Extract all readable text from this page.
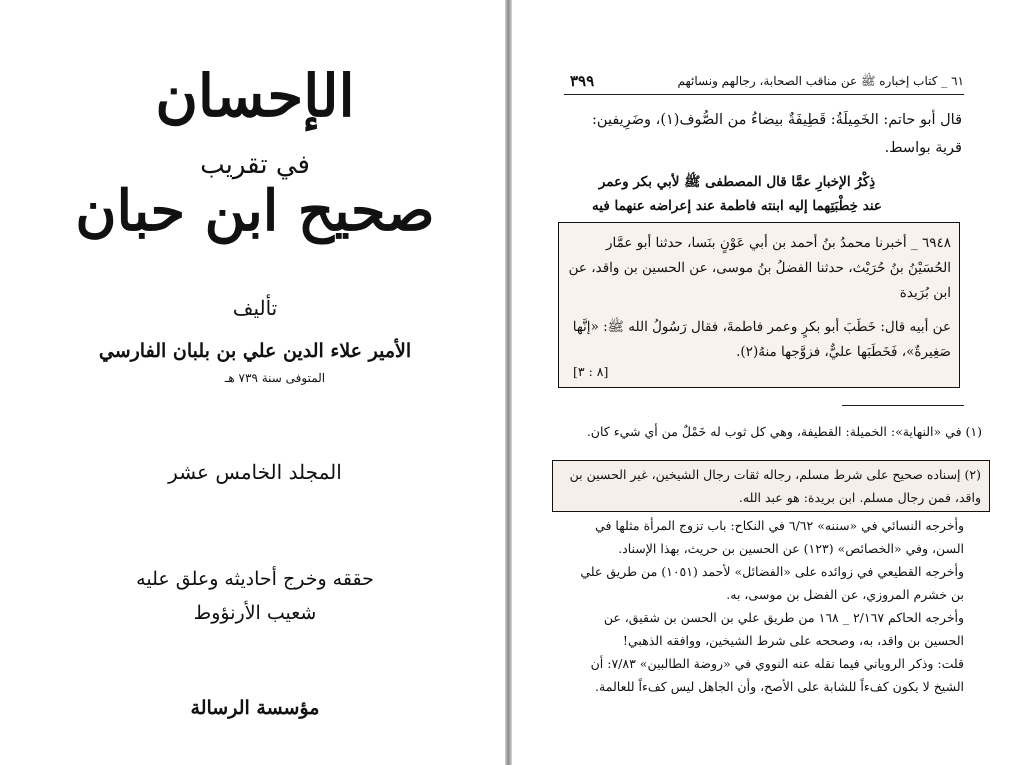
الإحسان
في تقريب
صحيح ابن حبان
تأليف
الأمير علاء الدين علي بن بلبان الفارسي
المتوفى سنة ٧٣٩ هـ
المجلد الخامس عشر
حققه وخرج أحاديثه وعلق عليه
شعيب الأرنؤوط
مؤسسة الرسالة
٦١ _ كتاب إخباره ﷺ عن مناقب الصحابة، رجالهم ونسائهم
٣٩٩
قال أبو حاتم: الخَمِيلَةُ: قَطِيفَةٌ بيضاءُ من الصُّوف(١)، وضَرِيفين: قرية بواسط.
ذِكْرُ الإخبارِ عمَّا قال المصطفى ﷺ لأبي بكر وعمر
عند خِطْبَتِهما إليه ابنته فاطمة عند إعراضه عنهما فيه
٦٩٤٨ _ أخبرنا محمدُ بنُ أحمد بن أبي عَوْنٍ بنَسا، حدثنا أبو عمَّار الحُسَيْنُ بنُ حُرَيْث، حدثنا الفضلُ بنُ موسى، عن الحسين بن واقد، عن ابن بُرَيدة
عن أبيه قال: خَطَبَ أبو بكرٍ وعمر فاطمةَ، فقال رَسُولُ الله ﷺ: «إنَّها صَغِيرةٌ»، فَخَطَبَها عليٌّ، فزوَّجها منهُ(٢).
[٨ : ٣]
(١) في «النهاية»: الخميلة: القطيفة، وهي كل ثوب له خَمْلٌ من أي شيء كان.
(٢) إسناده صحيح على شرط مسلم، رجاله ثقات رجال الشيخين، غير الحسين بن واقد، فمن رجال مسلم. ابن بريدة: هو عبد الله.
وأخرجه النسائي في «سننه» ٦/٦٢ في النكاح: باب تزوج المرأة مثلها في السن، وفي «الخصائص» (١٢٣) عن الحسين بن حريث، بهذا الإسناد.
وأخرجه القطيعي في زوائده على «الفضائل» لأحمد (١٠٥١) من طريق علي بن خشرم المروزي، عن الفضل بن موسى، به.
وأخرجه الحاكم ٢/١٦٧ _ ١٦٨ من طريق علي بن الحسن بن شقيق، عن الحسين بن واقد، به، وصححه على شرط الشيخين، ووافقه الذهبي!
قلت: وذكر الروياني فيما نقله عنه النووي في «روضة الطالبين» ٧/٨٣: أن الشيخ لا يكون كفءاً للشابة على الأصح، وأن الجاهل ليس كفءاً للعالمة.
